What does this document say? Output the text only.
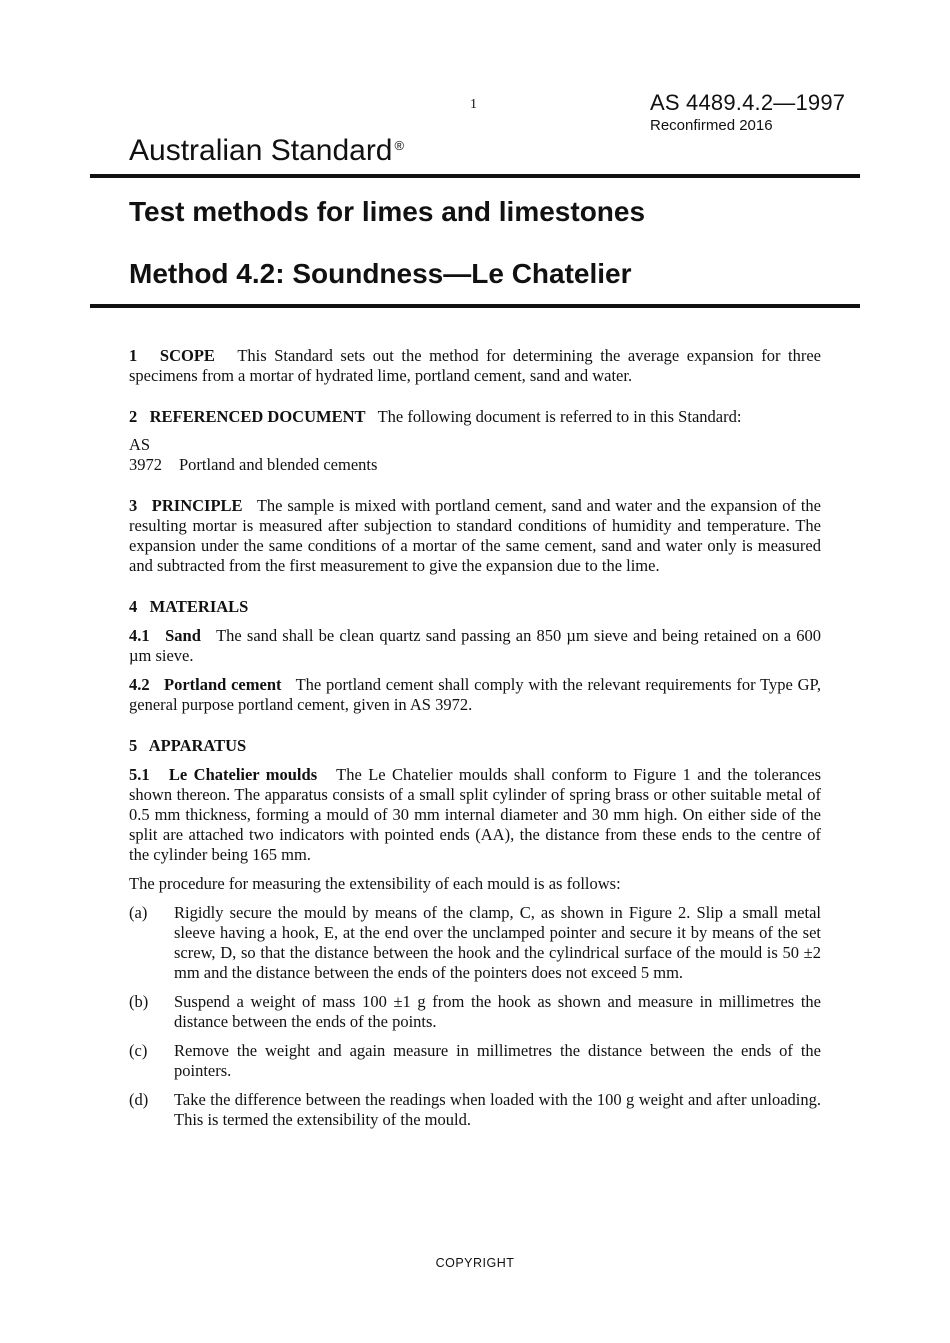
1	AS 4489.4.2—1997
Reconfirmed 2016
Australian Standard ®
Test methods for limes and limestones
Method 4.2: Soundness—Le Chatelier

1   SCOPE This Standard sets out the method for determining the average expansion for three specimens from a mortar of hydrated lime, portland cement, sand and water.

2   REFERENCED DOCUMENT The following document is referred to in this Standard:

AS

3972 Portland and blended cements

3   PRINCIPLE The sample is mixed with portland cement, sand and water and the expansion of the resulting mortar is measured after subjection to standard conditions of humidity and temperature. The expansion under the same conditions of a mortar of the same cement, sand and water only is measured and subtracted from the first measurement to give the expansion due to the lime.

4   MATERIALS

4.1   Sand The sand shall be clean quartz sand passing an 850 µm sieve and being retained on a 600 µm sieve.

4.2   Portland cement The portland cement shall comply with the relevant requirements for Type GP, general purpose portland cement, given in AS 3972.

5   APPARATUS

5.1   Le Chatelier moulds The Le Chatelier moulds shall conform to Figure 1 and the tolerances shown thereon. The apparatus consists of a small split cylinder of spring brass or other suitable metal of 0.5 mm thickness, forming a mould of 30 mm internal diameter and 30 mm high. On either side of the split are attached two indicators with pointed ends (AA), the distance from these ends to the centre of the cylinder being 165 mm.

The procedure for measuring the extensibility of each mould is as follows:

(a)	Rigidly secure the mould by means of the clamp, C, as shown in Figure 2. Slip a small metal sleeve having a hook, E, at the end over the unclamped pointer and secure it by means of the set screw, D, so that the distance between the hook and the cylindrical surface of the mould is 50 ±2 mm and the distance between the ends of the pointers does not exceed 5 mm.
(b)	Suspend a weight of mass 100 ±1 g from the hook as shown and measure in millimetres the distance between the ends of the points.
(c)	Remove the weight and again measure in millimetres the distance between the ends of the pointers.
(d)	Take the difference between the readings when loaded with the 100 g weight and after unloading. This is termed the extensibility of the mould.
COPYRIGHT
